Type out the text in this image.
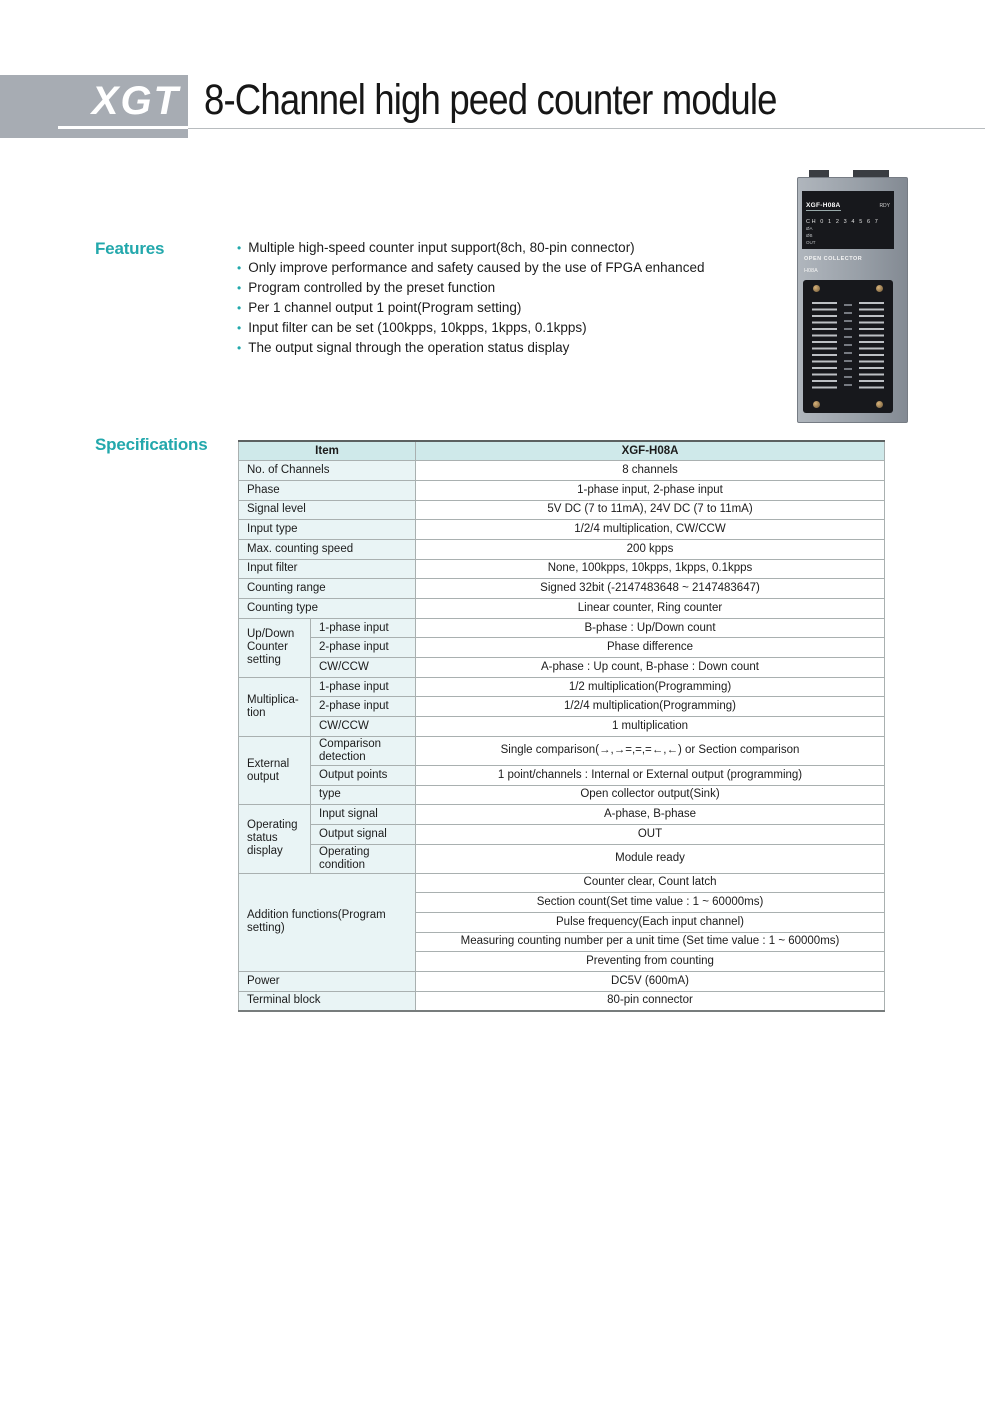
XGT 8-Channel high peed counter module
Features	• Multiple high-speed counter input support(8ch, 80-pin connector)
• Only improve performance and safety caused by the use of FPGA enhanced
• Program controlled by the preset function
• Per 1 channel output 1 point(Program setting)
• Input filter can be set (100kpps, 10kpps, 1kpps, 0.1kpps)
• The output signal through the operation status display
XGF-H08A	RDY
CH 0 1 2 3 4 5 6 7
ØA
ØB
OUT
OPEN COLLECTOR
H08A
Specifications	Item		XGF-H08A
No. of Channels		8 channels
Phase		1-phase input, 2-phase input
Signal level		5V DC (7 to 11mA), 24V DC (7 to 11mA)
Input type		1/2/4 multiplication, CW/CCW
Max. counting speed		200 kpps
Input filter		None, 100kpps, 10kpps, 1kpps, 0.1kpps
Counting range		Signed 32bit (-2147483648 ~ 2147483647)
Counting type		Linear counter, Ring counter
Up/Down Counter setting	1-phase input	B-phase : Up/Down count
	2-phase input	Phase difference
	CW/CCW	A-phase : Up count, B-phase : Down count
Multiplica-tion	1-phase input	1/2 multiplication(Programming)
	2-phase input	1/2/4 multiplication(Programming)
	CW/CCW	1 multiplication
External output	Comparison detection	Single comparison(→,→=,=,=←,←) or Section comparison
	Output points	1 point/channels : Internal or External output (programming)
	type	Open collector output(Sink)
Operating status display	Input signal	A-phase, B-phase
	Output signal	OUT
	Operating condition	Module ready
Addition functions(Program setting)		Counter clear, Count latch
		Section count(Set time value : 1 ~ 60000ms)
		Pulse frequency(Each input channel)
		Measuring counting number per a unit time (Set time value : 1 ~ 60000ms)
		Preventing from counting
Power		DC5V (600mA)
Terminal block		80-pin connector
